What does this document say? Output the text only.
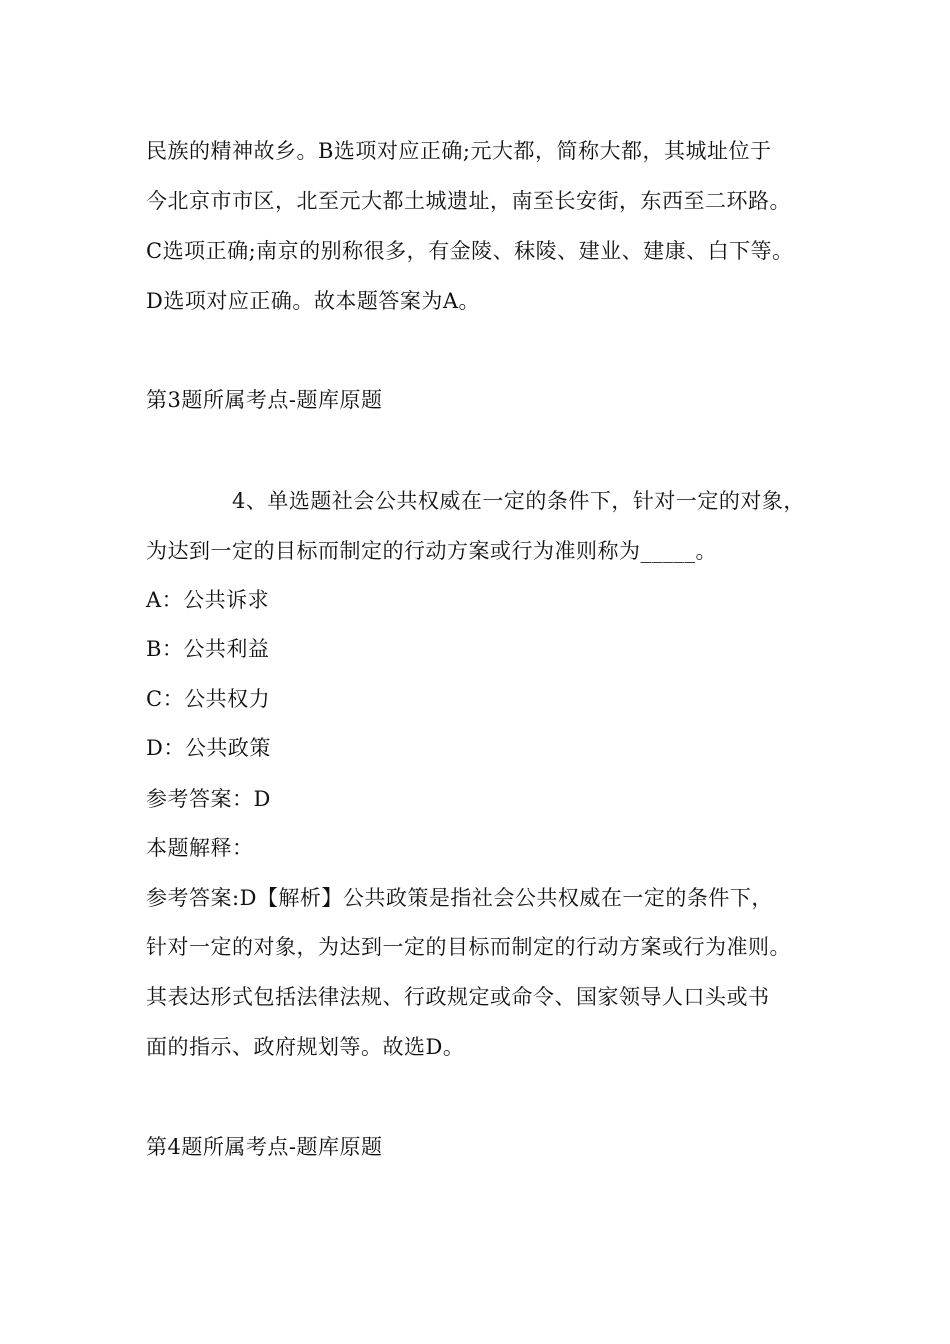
民族的精神故乡。B选项对应正确;元大都，简称大都，其城址位于
今北京市市区，北至元大都土城遗址，南至长安街，东西至二环路。
C选项正确;南京的别称很多，有金陵、秣陵、建业、建康、白下等。
D选项对应正确。故本题答案为A。
第3题所属考点-题库原题
4、单选题社会公共权威在一定的条件下，针对一定的对象，
为达到一定的目标而制定的行动方案或行为准则称为_____。
A：公共诉求
B：公共利益
C：公共权力
D：公共政策
参考答案：D
本题解释：
参考答案:D【解析】公共政策是指社会公共权威在一定的条件下，
针对一定的对象，为达到一定的目标而制定的行动方案或行为准则。
其表达形式包括法律法规、行政规定或命令、国家领导人口头或书
面的指示、政府规划等。故选D。
第4题所属考点-题库原题
